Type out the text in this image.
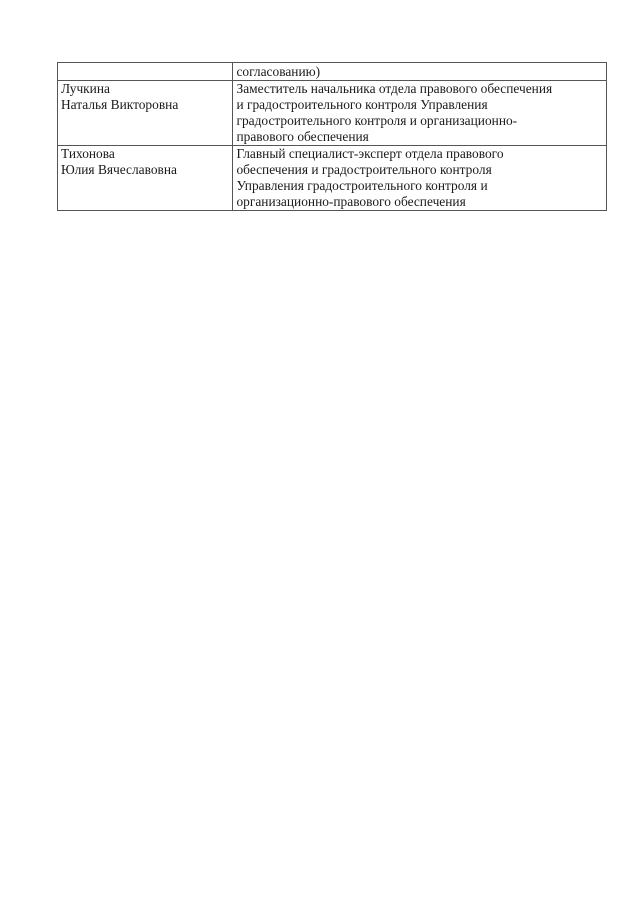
	согласованию)

Лучкина
Наталья Викторовна	Заместитель начальника отдела правового обеспечения
и градостроительного контроля Управления
градостроительного контроля и организационно-
правового обеспечения

Тихонова
Юлия Вячеславовна	Главный специалист-эксперт отдела правового
обеспечения и градостроительного контроля
Управления градостроительного контроля и
организационно-правового обеспечения
